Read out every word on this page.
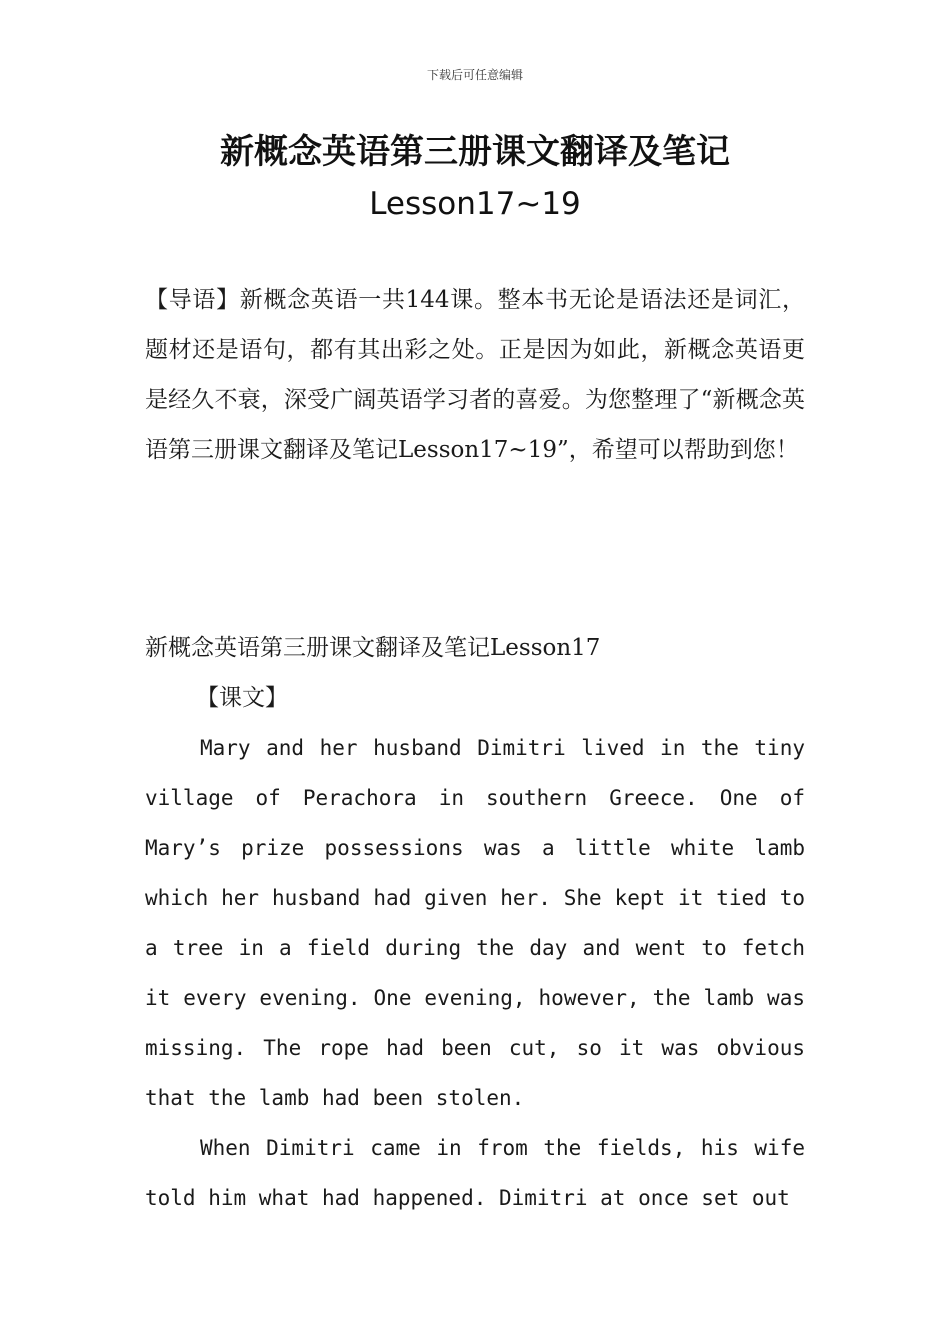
下载后可任意编辑
新概念英语第三册课文翻译及笔记
Lesson17~19
【导语】新概念英语一共144课。整本书无论是语法还是词汇，题材还是语句，都有其出彩之处。正是因为如此，新概念英语更是经久不衰，深受广阔英语学习者的喜爱。为您整理了“新概念英语第三册课文翻译及笔记Lesson17~19”，希望可以帮助到您！
新概念英语第三册课文翻译及笔记Lesson17
【课文】

Mary and her husband Dimitri lived in the tiny village of Perachora in southern Greece. One of Mary’s prize possessions was a little white lamb which her husband had given her. She kept it tied to a tree in a field during the day and went to fetch it every evening. One evening, however, the lamb was missing. The rope had been cut, so it was obvious that the lamb had been stolen.

When Dimitri came in from the fields, his wife told him what had happened. Dimitri at once set out
